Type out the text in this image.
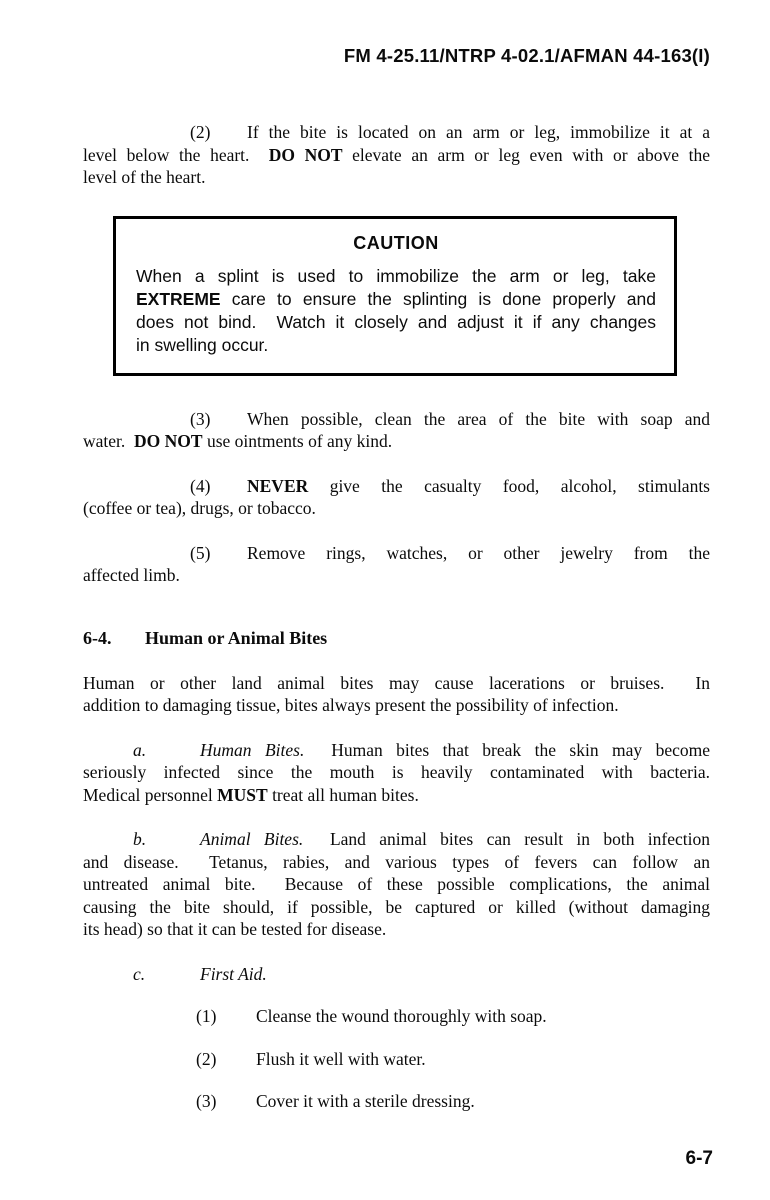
FM 4-25.11/NTRP 4-02.1/AFMAN 44-163(I)
(2) If the bite is located on an arm or leg, immobilize it at a
level below the heart.  DO NOT elevate an arm or leg even with or above the
level of the heart.
CAUTION
When a splint is used to immobilize the arm or leg, take
EXTREME care to ensure the splinting is done properly and
does not bind.  Watch it closely and adjust it if any changes
in swelling occur.
(3) When possible, clean the area of the bite with soap and
water.  DO NOT use ointments of any kind.
(4) NEVER give the casualty food, alcohol, stimulants
(coffee or tea), drugs, or tobacco.
(5) Remove rings, watches, or other jewelry from the
affected limb.
6-4. Human or Animal Bites
Human or other land animal bites may cause lacerations or bruises.  In
addition to damaging tissue, bites always present the possibility of infection.
a.	Human Bites.  Human bites that break the skin may become
seriously infected since the mouth is heavily contaminated with bacteria.
Medical personnel MUST treat all human bites.
b.	Animal Bites.  Land animal bites can result in both infection
and disease.  Tetanus, rabies, and various types of fevers can follow an
untreated animal bite.  Because of these possible complications, the animal
causing the bite should, if possible, be captured or killed (without damaging
its head) so that it can be tested for disease.
c.	First Aid.
(1) Cleanse the wound thoroughly with soap.
(2) Flush it well with water.
(3) Cover it with a sterile dressing.
6-7
